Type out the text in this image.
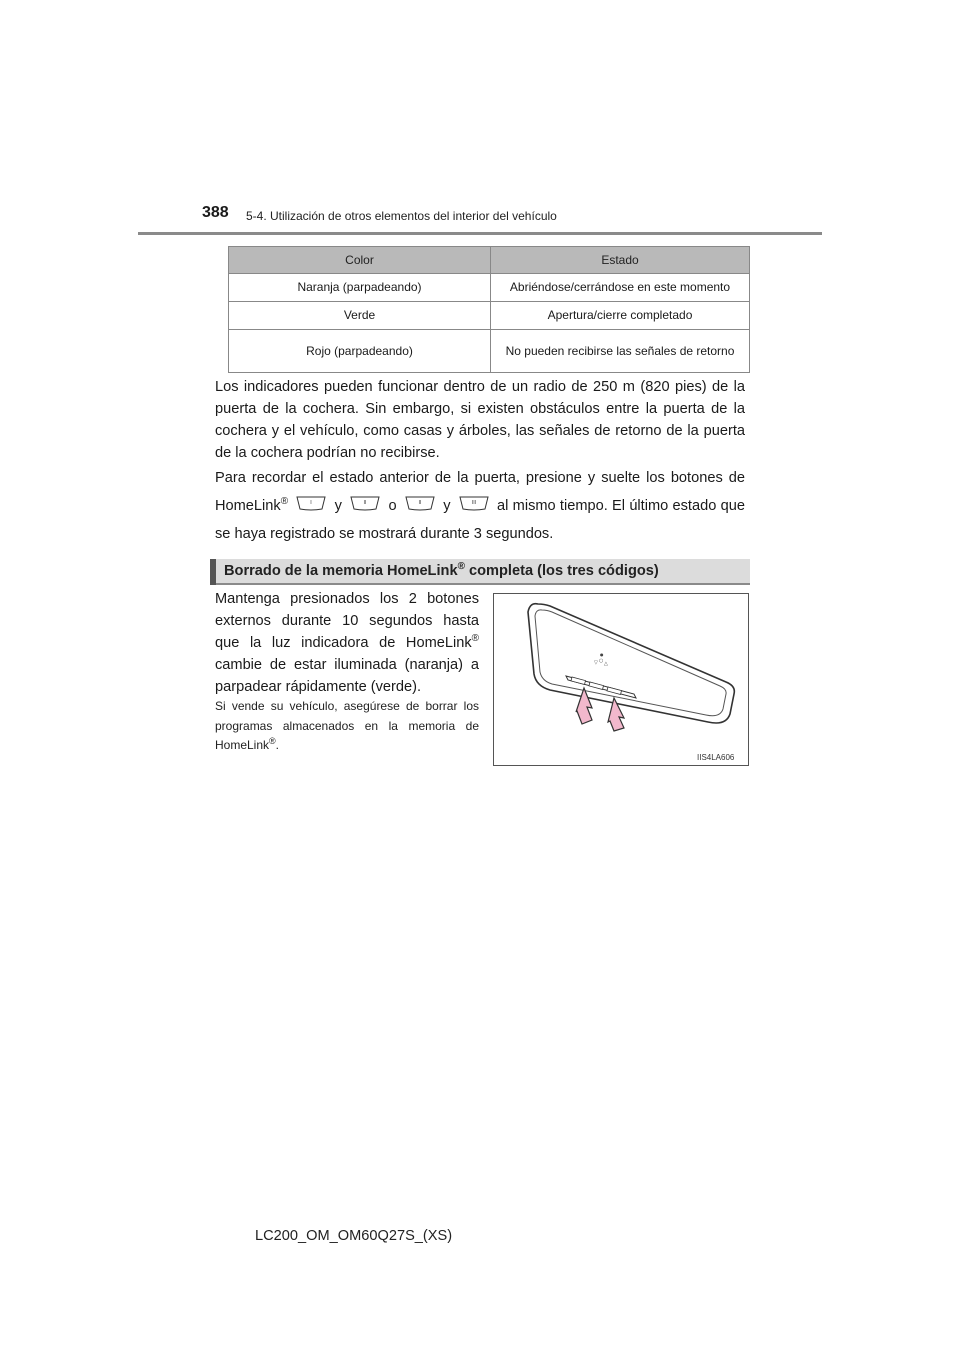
388 5-4. Utilización de otros elementos del interior del vehículo
Color	Estado
Naranja (parpadeando)	Abriéndose/cerrándose en este momento
Verde	Apertura/cierre completado
Rojo (parpadeando)	No pueden recibirse las señales de retorno

Los indicadores pueden funcionar dentro de un radio de 250 m (820 pies) de la puerta de la cochera. Sin embargo, si existen obstáculos entre la puerta de la cochera y el vehículo, como casas y árboles, las señales de retorno de la puerta de la cochera podrían no recibirse.

Para recordar el estado anterior de la puerta, presione y suelte los botones de HomeLink®	I y	II o	II y	III al mismo tiempo. El último estado que se haya registrado se mostrará durante 3 segundos.

Borrado de la memoria HomeLink® completa (los tres códigos)

Mantenga presionados los 2 botones externos durante 10 segundos hasta que la luz indicadora de HomeLink® cambie de estar iluminada (naranja) a parpadear rápidamente (verde).

Si vende su vehículo, asegúrese de borrar los programas almacenados en la memoria de HomeLink®.

▽ ○ △
●
IIS4LA606
LC200_OM_OM60Q27S_(XS)
